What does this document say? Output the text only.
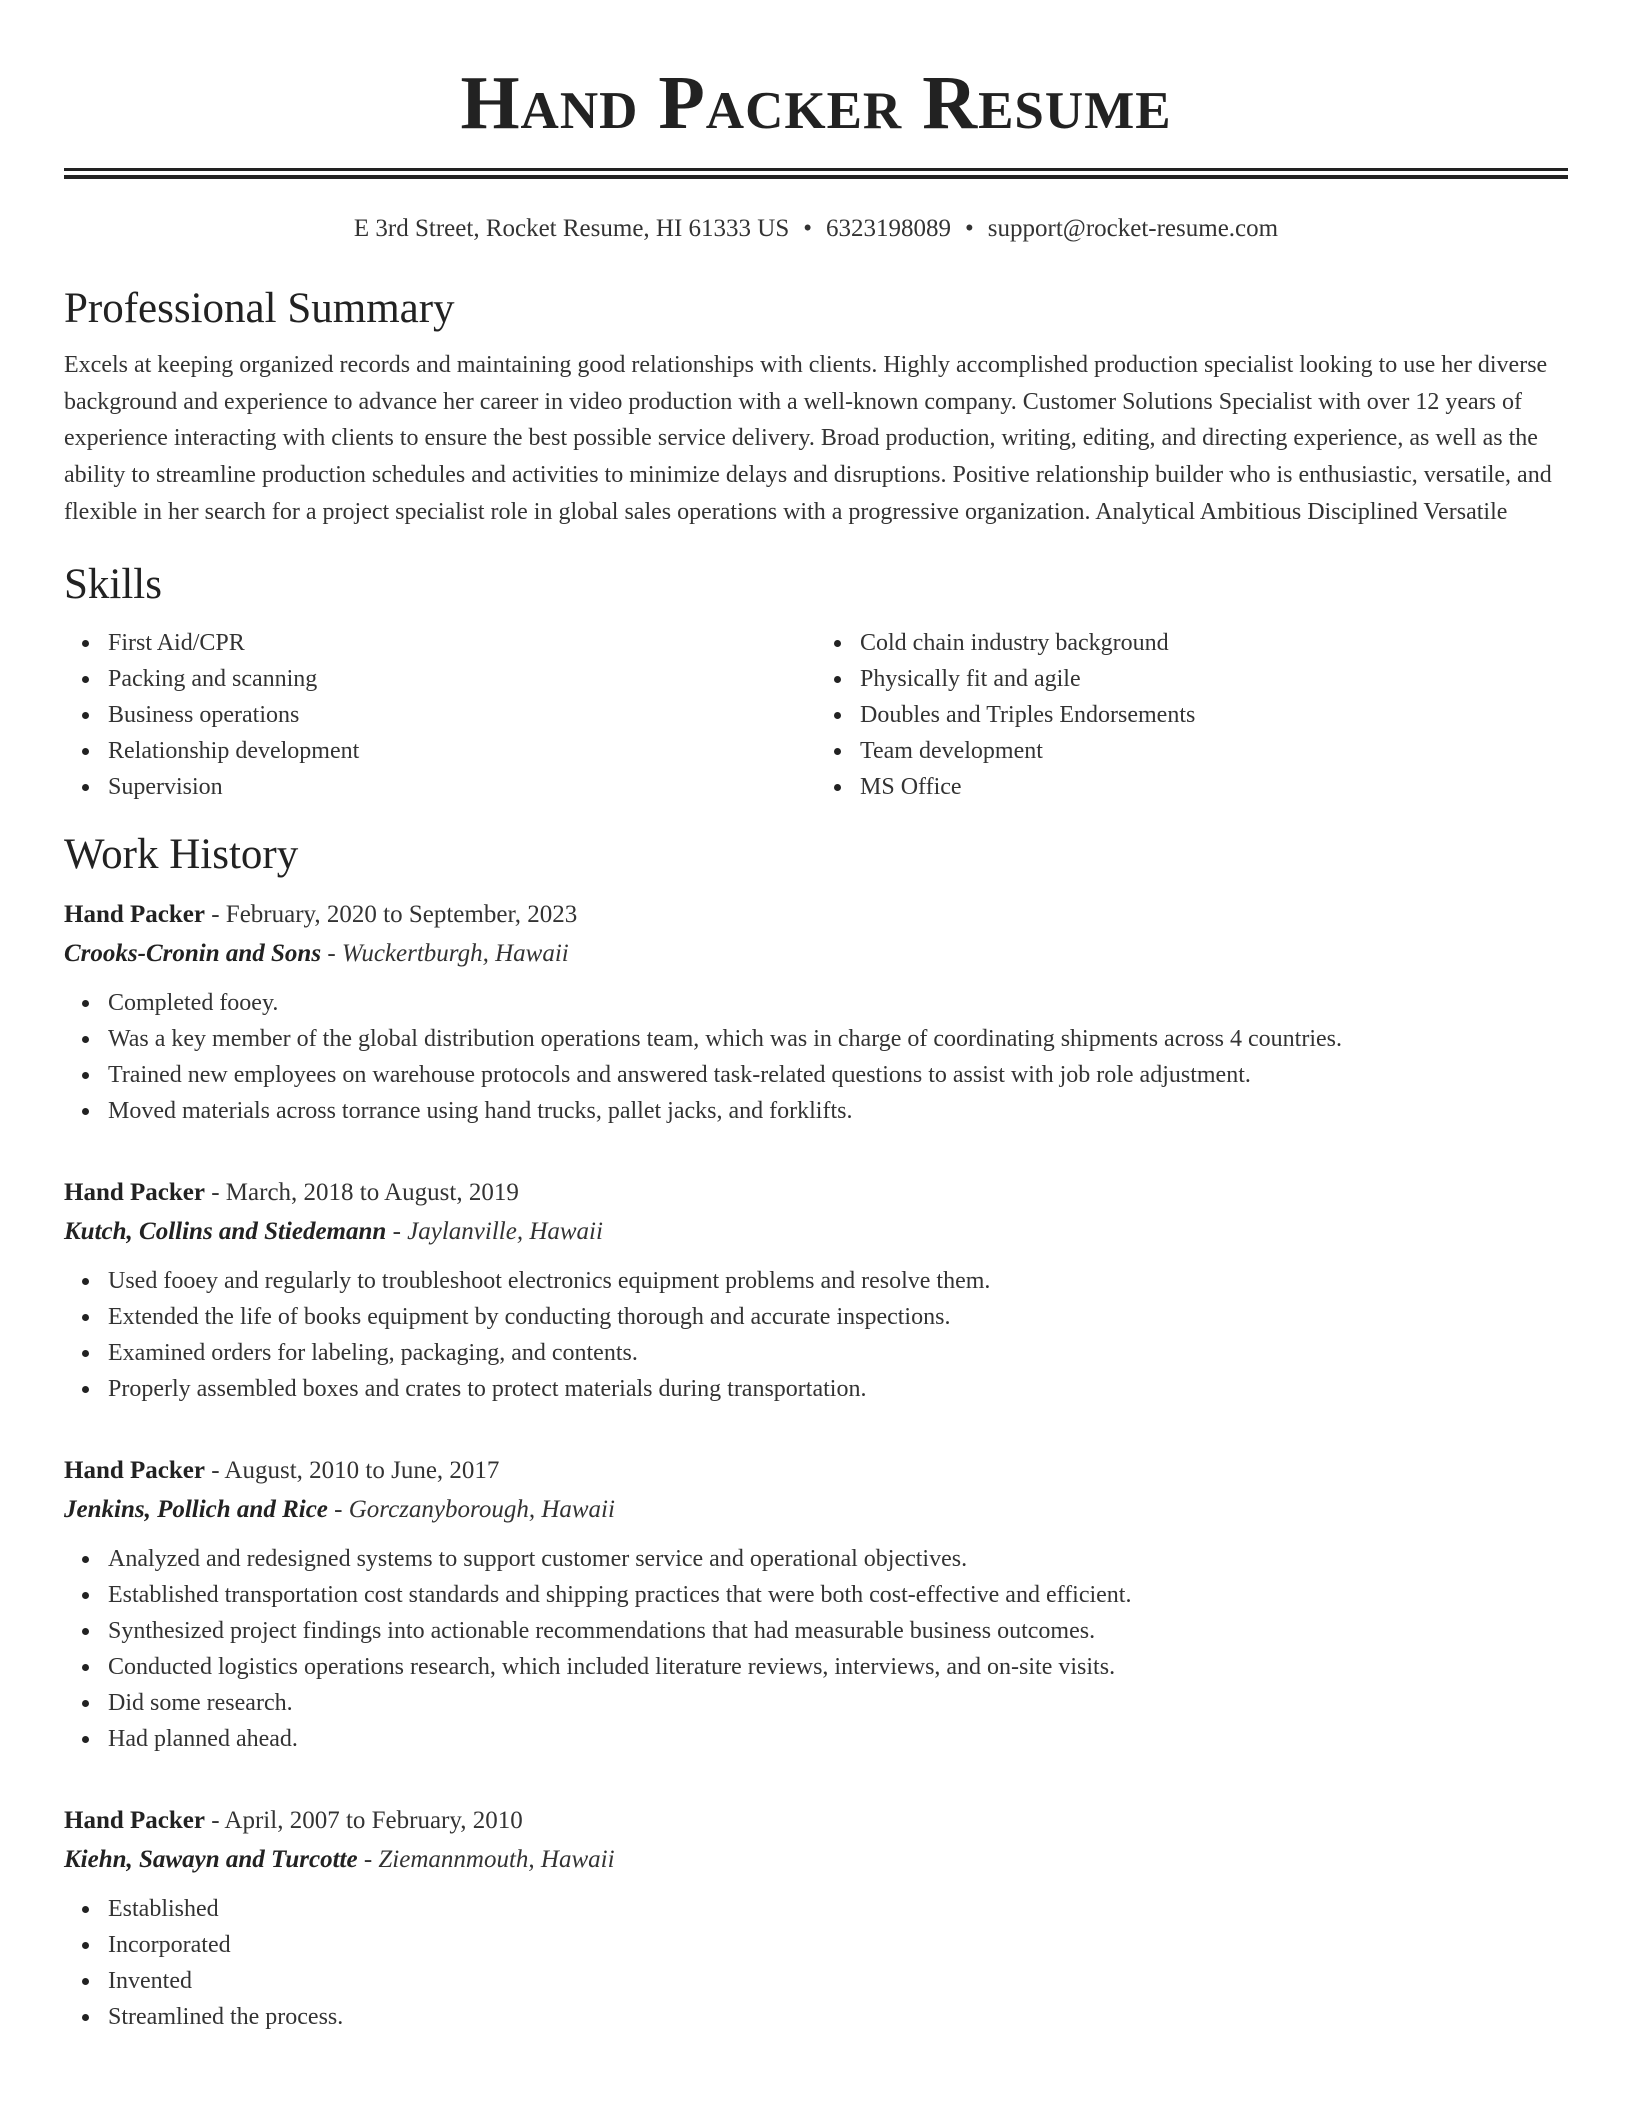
Hand Packer Resume
E 3rd Street, Rocket Resume, HI 61333 US • 6323198089 • support@rocket-resume.com
Professional Summary

Excels at keeping organized records and maintaining good relationships with clients. Highly accomplished production specialist looking to use her diverse background and experience to advance her career in video production with a well-known company. Customer Solutions Specialist with over 12 years of experience interacting with clients to ensure the best possible service delivery. Broad production, writing, editing, and directing experience, as well as the ability to streamline production schedules and activities to minimize delays and disruptions. Positive relationship builder who is enthusiastic, versatile, and flexible in her search for a project specialist role in global sales operations with a progressive organization. Analytical Ambitious Disciplined Versatile

Skills
First Aid/CPR
Packing and scanning
Business operations
Relationship development
Supervision
Cold chain industry background
Physically fit and agile
Doubles and Triples Endorsements
Team development
MS Office
Work History
Hand Packer - February, 2020 to September, 2023
Crooks-Cronin and Sons - Wuckertburgh, Hawaii
Completed fooey.
Was a key member of the global distribution operations team, which was in charge of coordinating shipments across 4 countries.
Trained new employees on warehouse protocols and answered task-related questions to assist with job role adjustment.
Moved materials across torrance using hand trucks, pallet jacks, and forklifts.
Hand Packer - March, 2018 to August, 2019
Kutch, Collins and Stiedemann - Jaylanville, Hawaii
Used fooey and regularly to troubleshoot electronics equipment problems and resolve them.
Extended the life of books equipment by conducting thorough and accurate inspections.
Examined orders for labeling, packaging, and contents.
Properly assembled boxes and crates to protect materials during transportation.
Hand Packer - August, 2010 to June, 2017
Jenkins, Pollich and Rice - Gorczanyborough, Hawaii
Analyzed and redesigned systems to support customer service and operational objectives.
Established transportation cost standards and shipping practices that were both cost-effective and efficient.
Synthesized project findings into actionable recommendations that had measurable business outcomes.
Conducted logistics operations research, which included literature reviews, interviews, and on-site visits.
Did some research.
Had planned ahead.
Hand Packer - April, 2007 to February, 2010
Kiehn, Sawayn and Turcotte - Ziemannmouth, Hawaii
Established
Incorporated
Invented
Streamlined the process.
